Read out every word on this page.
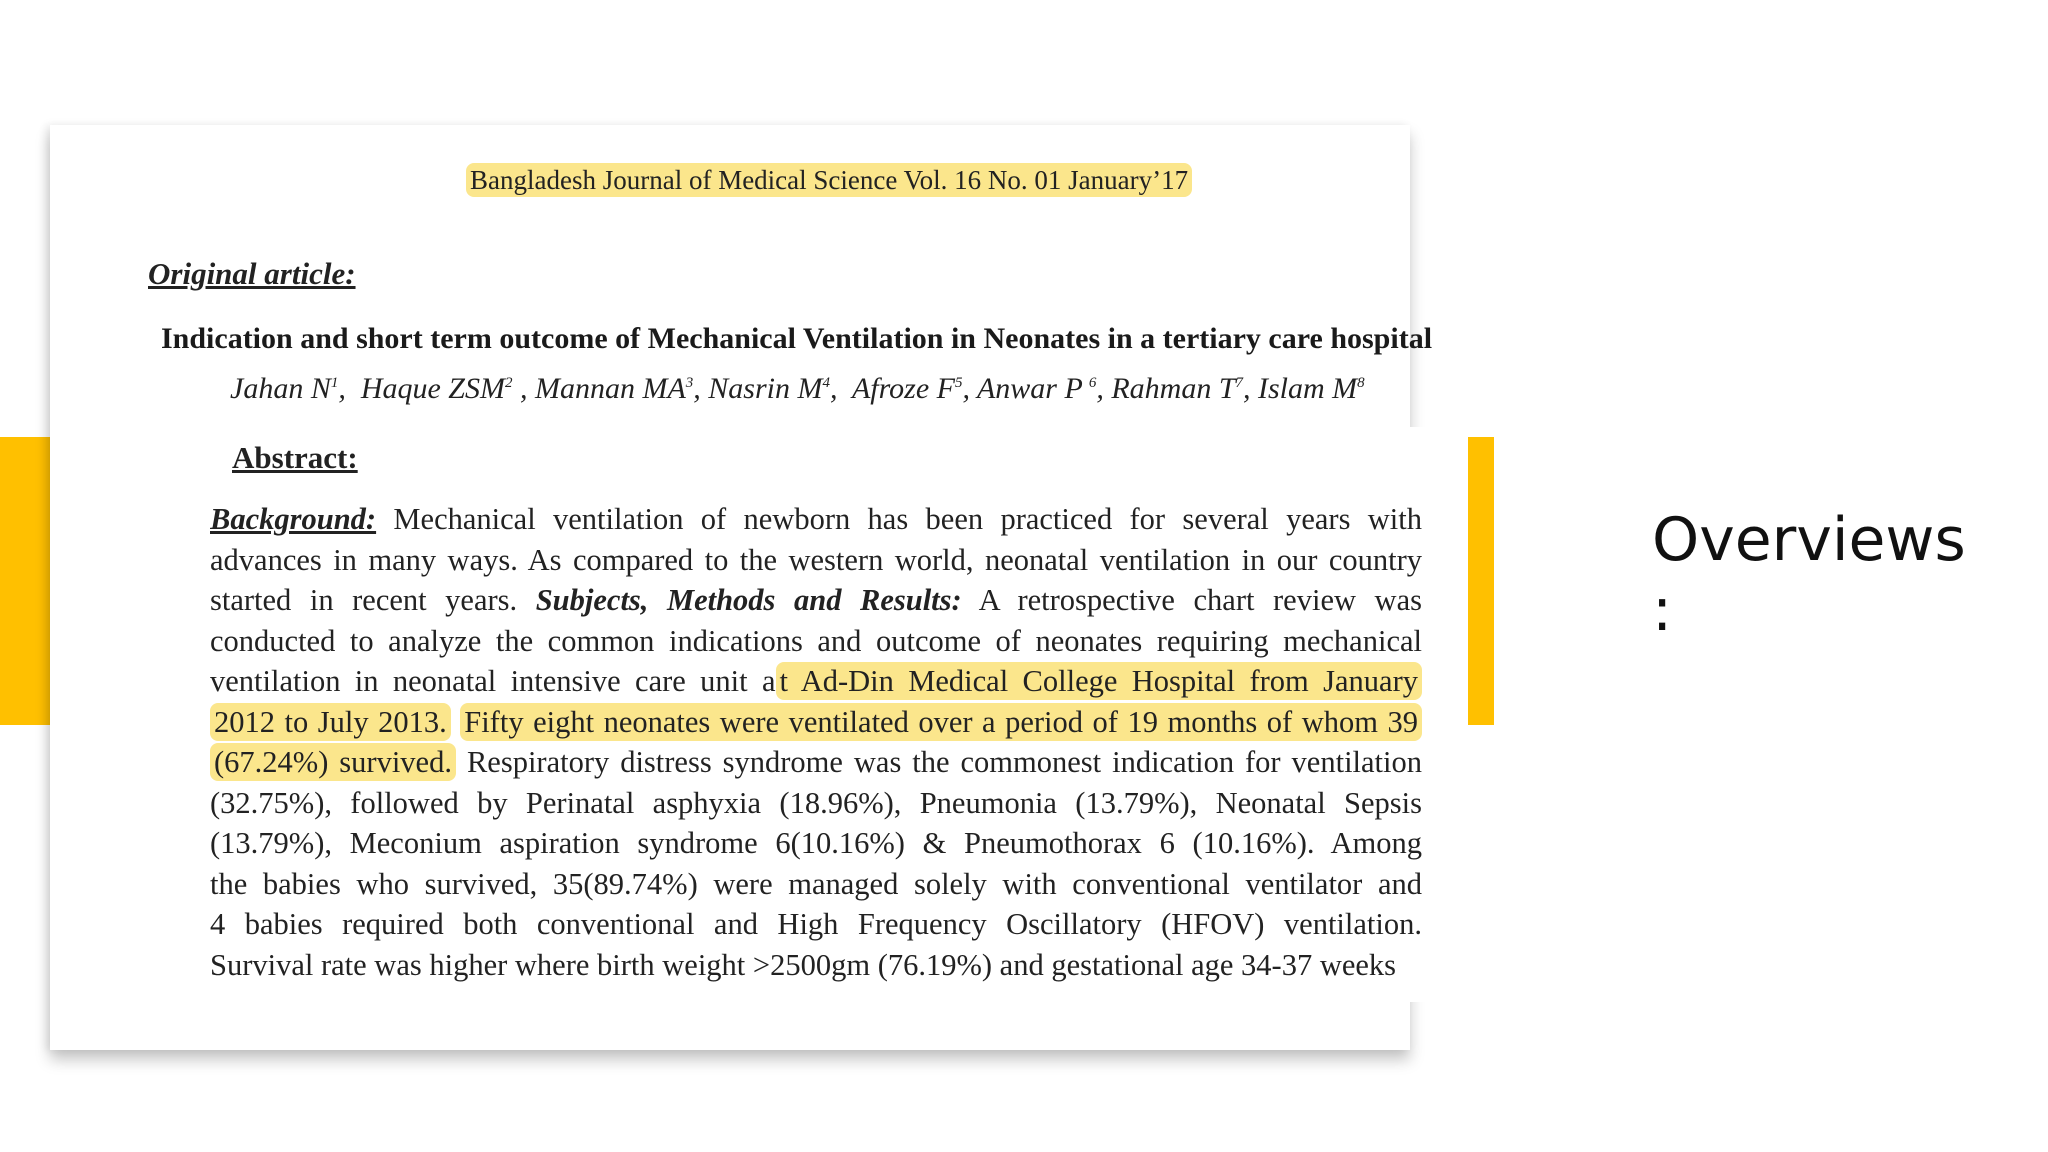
Bangladesh Journal of Medical Science Vol. 16 No. 01 January’17
Original article:
Indication and short term outcome of Mechanical Ventilation in Neonates in a tertiary care hospital
Jahan $N^1$,  Haque ZSM$^2$ , Mannan $MA^3$, Nasrin $M^4$,  Afroze $F^5$, Anwar P  $^6$, Rahman $T^7$, Islam $M^8$
Background: Mechanical ventilation of newborn has been practiced for several years with
advances in many ways. As compared to the western world, neonatal ventilation in our country
started in recent years. Subjects, Methods and Results: A retrospective chart review was
conducted to analyze the common indications and outcome of neonates requiring mechanical
ventilation in neonatal intensive care unit a t Ad-Din Medical College Hospital from January
2012 to July 2013. Fifty eight neonates were ventilated over a period of 19 months of whom 39
(67.24%) survived. Respiratory distress syndrome was the commonest indication for ventilation
(32.75%), followed by Perinatal asphyxia (18.96%), Pneumonia (13.79%), Neonatal Sepsis
(13.79%), Meconium aspiration syndrome 6(10.16%) & Pneumothorax 6 (10.16%). Among
the babies who survived, 35(89.74%) were managed solely with conventional ventilator and
4 babies required both conventional and High Frequency Oscillatory (HFOV) ventilation.
Survival rate was higher where birth weight >2500gm (76.19%) and gestational age 34-37 weeks
Abstract:
Overviews
:
